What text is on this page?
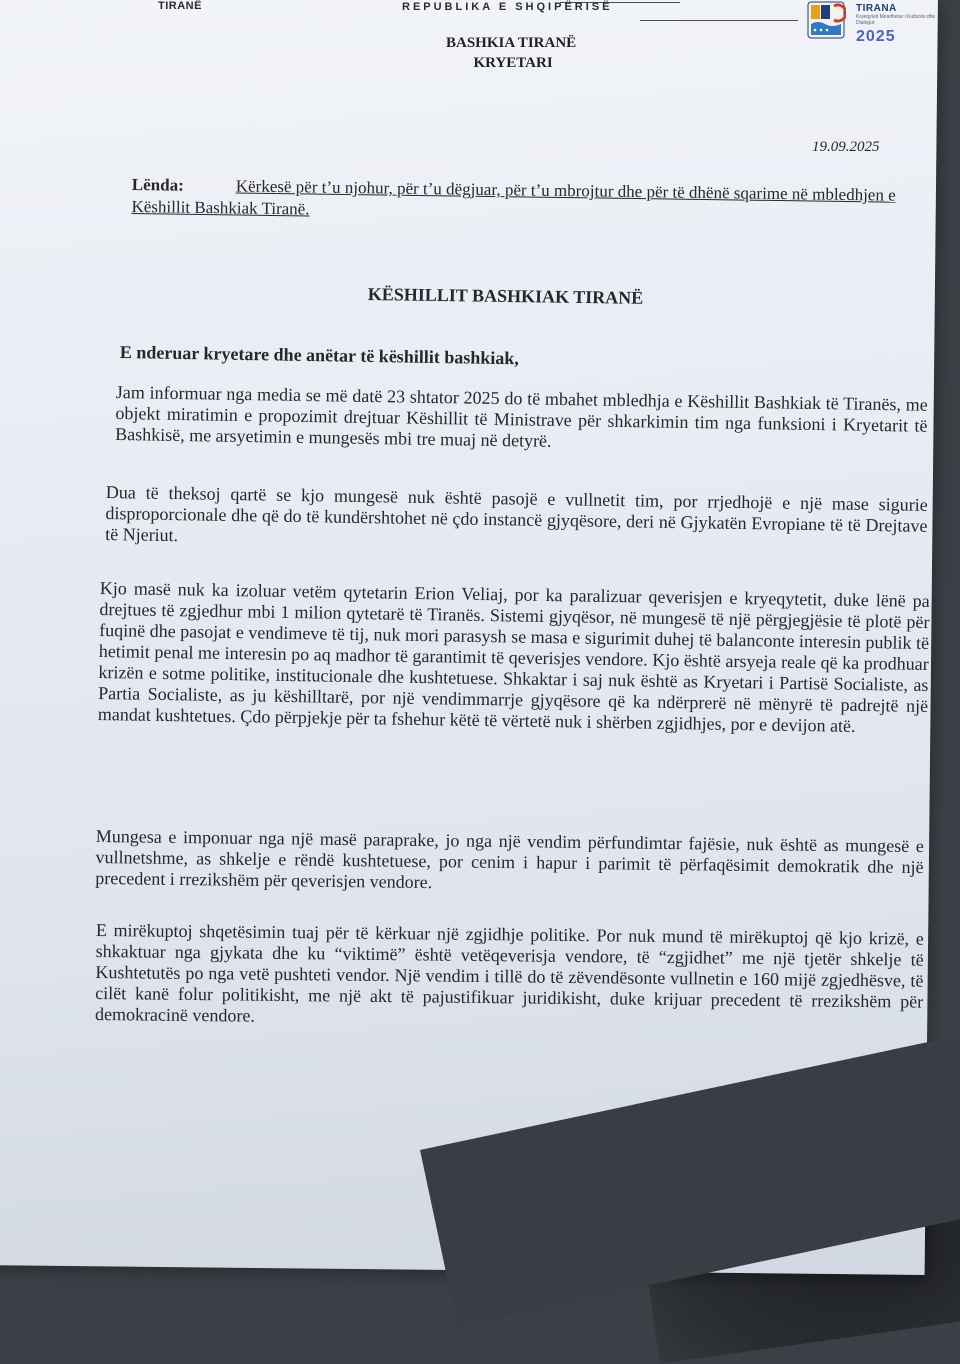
TIRANË	REPUBLIKA E SHQIPËRISË
BASHKIA TIRANË
KRYETARI
TIRANA
Kryeqyteti Mesdhetar i Kulturës dhe Dialogut
2025
19.09.2025
Lënda:	Kërkesë për t’u njohur, për t’u dëgjuar, për t’u mbrojtur dhe për të dhënë sqarime në mbledhjen e Këshillit Bashkiak Tiranë.
KËSHILLIT BASHKIAK TIRANË
E nderuar kryetare dhe anëtar të këshillit bashkiak,
Jam informuar nga media se më datë 23 shtator 2025 do të mbahet mbledhja e Këshillit Bashkiak të Tiranës, me objekt miratimin e propozimit drejtuar Këshillit të Ministrave për shkarkimin tim nga funksioni i Kryetarit të Bashkisë, me arsyetimin e mungesës mbi tre muaj në detyrë.
Dua të theksoj qartë se kjo mungesë nuk është pasojë e vullnetit tim, por rrjedhojë e një mase sigurie disproporcionale dhe që do të kundërshtohet në çdo instancë gjyqësore, deri në Gjykatën Evropiane të të Drejtave të Njeriut.
Kjo masë nuk ka izoluar vetëm qytetarin Erion Veliaj, por ka paralizuar qeverisjen e kryeqytetit, duke lënë pa drejtues të zgjedhur mbi 1 milion qytetarë të Tiranës. Sistemi gjyqësor, në mungesë të një përgjegjësie të plotë për fuqinë dhe pasojat e vendimeve të tij, nuk mori parasysh se masa e sigurimit duhej të balanconte interesin publik të hetimit penal me interesin po aq madhor të garantimit të qeverisjes vendore. Kjo është arsyeja reale që ka prodhuar krizën e sotme politike, institucionale dhe kushtetuese. Shkaktar i saj nuk është as Kryetari i Partisë Socialiste, as Partia Socialiste, as ju këshilltarë, por një vendimmarrje gjyqësore që ka ndërprerë në mënyrë të padrejtë një mandat kushtetues. Çdo përpjekje për ta fshehur këtë të vërtetë nuk i shërben zgjidhjes, por e devijon atë.
Mungesa e imponuar nga një masë paraprake, jo nga një vendim përfundimtar fajësie, nuk është as mungesë e vullnetshme, as shkelje e rëndë kushtetuese, por cenim i hapur i parimit të përfaqësimit demokratik dhe një precedent i rrezikshëm për qeverisjen vendore.
E mirëkuptoj shqetësimin tuaj për të kërkuar një zgjidhje politike. Por nuk mund të mirëkuptoj që kjo krizë, e shkaktuar nga gjykata dhe ku “viktimë” është vetëqeverisja vendore, të “zgjidhet” me një tjetër shkelje të Kushtetutës po nga vetë pushteti vendor. Një vendim i tillë do të zëvendësonte vullnetin e 160 mijë zgjedhësve, të cilët kanë folur politikisht, me një akt të pajustifikuar juridikisht, duke krijuar precedent të rrezikshëm për demokracinë vendore.
